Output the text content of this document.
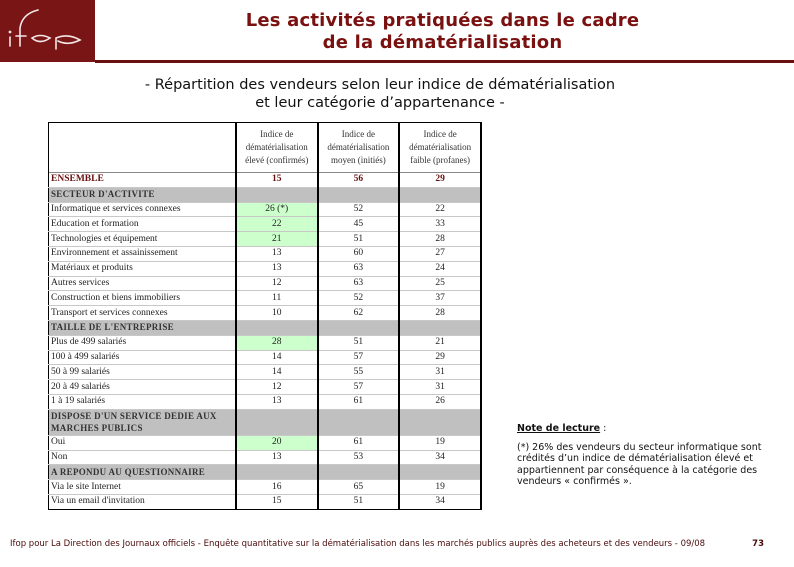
Les activités pratiquées dans le cadre
de la dématérialisation
- Répartition des vendeurs selon leur indice de dématérialisation
et leur catégorie d’appartenance -
	Indice de dématérialisation élevé (confirmés)	Indice de dématérialisation moyen (initiés)	Indice de dématérialisation faible (profanes)
ENSEMBLE	15	56	29
SECTEUR D'ACTIVITE			
Informatique et services connexes	26 (*)	52	22
Education et formation	22	45	33
Technologies et équipement	21	51	28
Environnement et assainissement	13	60	27
Matériaux et produits	13	63	24
Autres services	12	63	25
Construction et biens immobiliers	11	52	37
Transport et services connexes	10	62	28
TAILLE DE L'ENTREPRISE			
Plus de 499 salariés	28	51	21
100 à 499 salariés	14	57	29
50 à 99 salariés	14	55	31
20 à 49 salariés	12	57	31
1 à 19 salariés	13	61	26
DISPOSE D'UN SERVICE DEDIE AUX MARCHES PUBLICS			
Oui	20	61	19
Non	13	53	34
A REPONDU AU QUESTIONNAIRE			
Via le site Internet	16	65	19
Via un email d'invitation	15	51	34
Note de lecture :
(*) 26% des vendeurs du secteur informatique sont crédités d’un indice de dématérialisation élevé et appartiennent par conséquence à la catégorie des vendeurs « confirmés ».
Ifop pour La Direction des Journaux officiels - Enquête quantitative sur la dématérialisation dans les marchés publics auprès des acheteurs et des vendeurs - 09/08	73
